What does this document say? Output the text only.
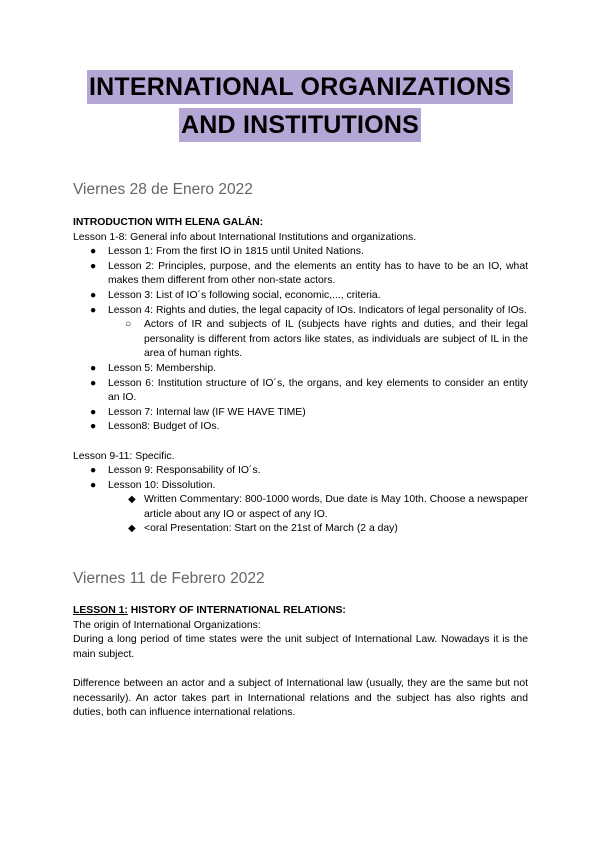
INTERNATIONAL ORGANIZATIONS
AND INSTITUTIONS
Viernes 28 de Enero 2022
INTRODUCTION WITH ELENA GALÁN:
Lesson 1-8: General info about International Institutions and organizations.
● Lesson 1: From the first IO in 1815 until United Nations.
● Lesson 2: Principles, purpose, and the elements an entity has to have to be an IO, what makes them different from other non-state actors.
● Lesson 3: List of IO´s following social, economic,..., criteria.
● Lesson 4: Rights and duties, the legal capacity of IOs. Indicators of legal personality of IOs.
○ Actors of IR and subjects of IL (subjects have rights and duties, and their legal personality is different from actors like states, as individuals are subject of IL in the area of human rights.
● Lesson 5: Membership.
● Lesson 6: Institution structure of IO´s, the organs, and key elements to consider an entity an IO.
● Lesson 7: Internal law (IF WE HAVE TIME)
● Lesson8: Budget of IOs.
Lesson 9-11: Specific.
● Lesson 9: Responsability of IO´s.
● Lesson 10: Dissolution.
◆ Written Commentary: 800-1000 words, Due date is May 10th. Choose a newspaper article about any IO or aspect of any IO.
◆ <oral Presentation: Start on the 21st of March (2 a day)
Viernes 11 de Febrero 2022
LESSON 1: HISTORY OF INTERNATIONAL RELATIONS:
The origin of International Organizations:
During a long period of time states were the unit subject of International Law. Nowadays it is the main subject.
Difference between an actor and a subject of International law (usually, they are the same but not necessarily). An actor takes part in International relations and the subject has also rights and duties, both can influence international relations.
